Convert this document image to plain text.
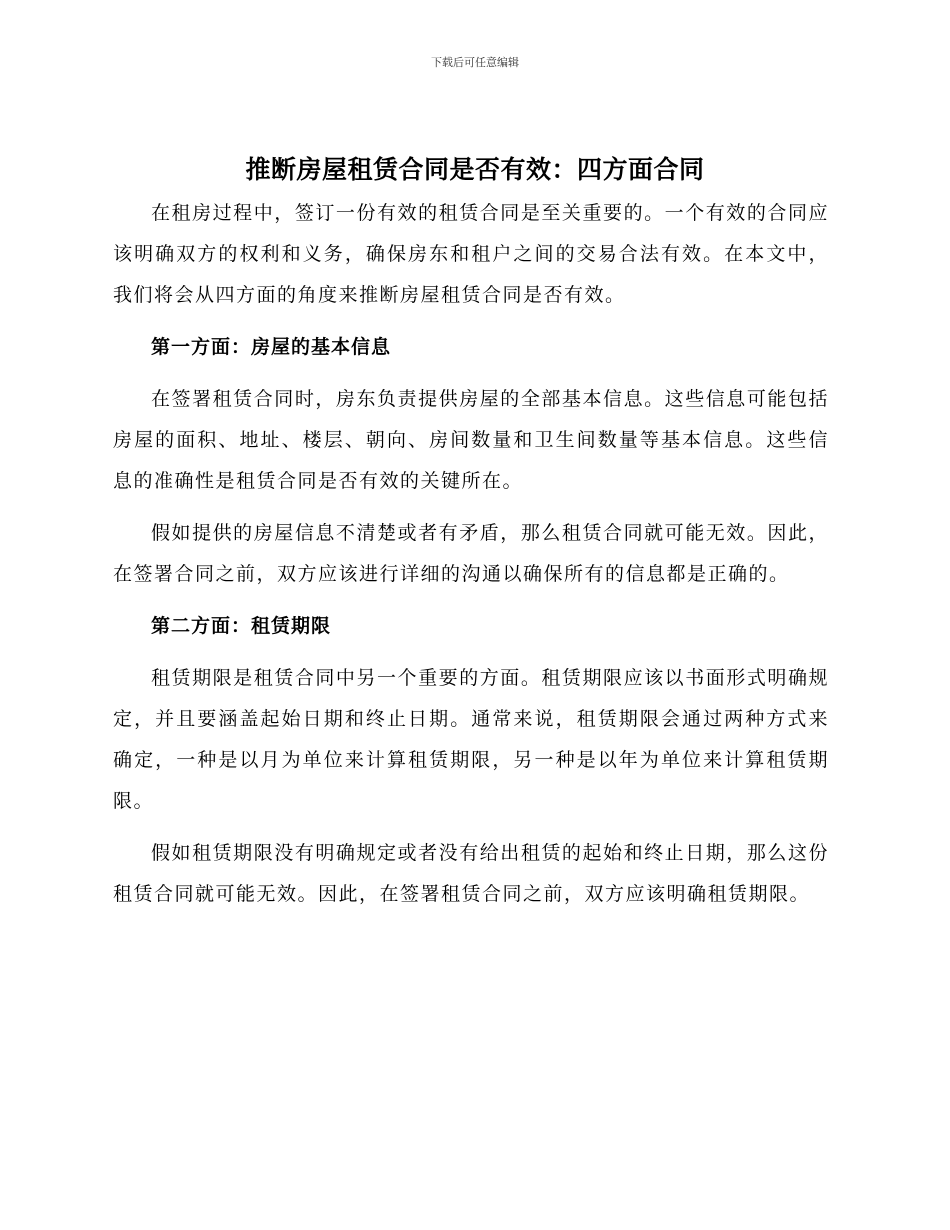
下载后可任意编辑
推断房屋租赁合同是否有效：四方面合同

在租房过程中，签订一份有效的租赁合同是至关重要的。一个有效的合同应该明确双方的权利和义务，确保房东和租户之间的交易合法有效。在本文中，我们将会从四方面的角度来推断房屋租赁合同是否有效。

第一方面：房屋的基本信息

在签署租赁合同时，房东负责提供房屋的全部基本信息。这些信息可能包括房屋的面积、地址、楼层、朝向、房间数量和卫生间数量等基本信息。这些信息的准确性是租赁合同是否有效的关键所在。

假如提供的房屋信息不清楚或者有矛盾，那么租赁合同就可能无效。因此，在签署合同之前，双方应该进行详细的沟通以确保所有的信息都是正确的。

第二方面：租赁期限

租赁期限是租赁合同中另一个重要的方面。租赁期限应该以书面形式明确规定，并且要涵盖起始日期和终止日期。通常来说，租赁期限会通过两种方式来确定，一种是以月为单位来计算租赁期限，另一种是以年为单位来计算租赁期限。

假如租赁期限没有明确规定或者没有给出租赁的起始和终止日期，那么这份租赁合同就可能无效。因此，在签署租赁合同之前，双方应该明确租赁期限。
